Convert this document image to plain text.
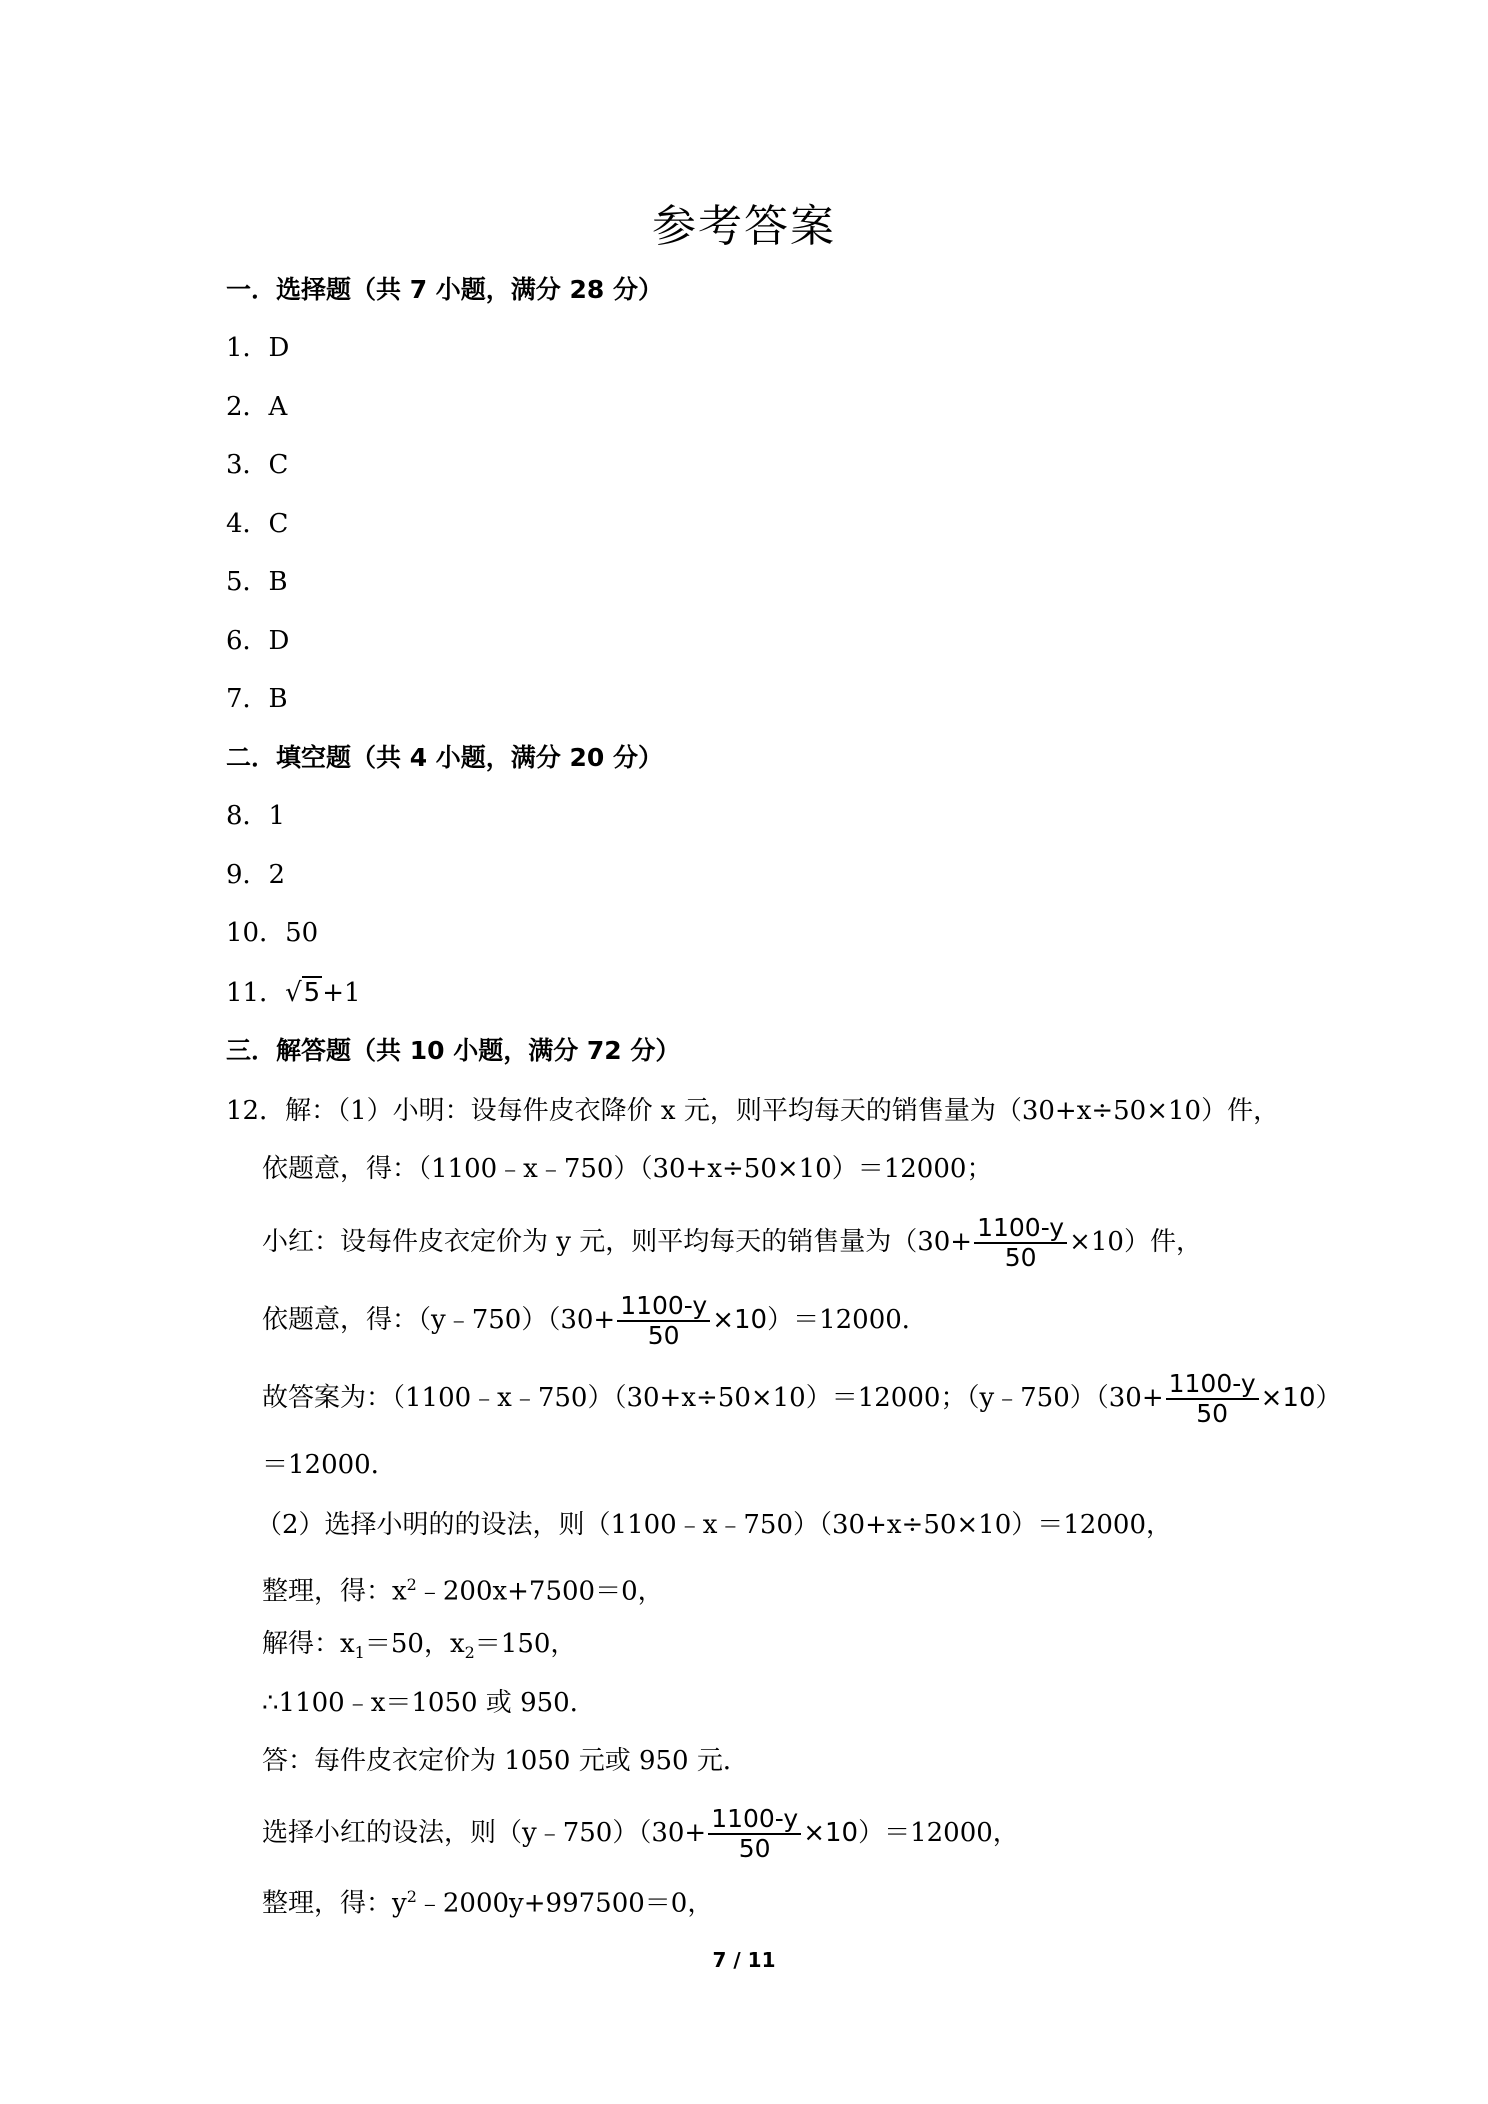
参考答案
一．选择题（共 7 小题，满分 28 分）
1．D
2．A
3．C
4．C
5．B
6．D
7．B
二．填空题（共 4 小题，满分 20 分）
8．1
9．2
10．50
11．√5+1
三．解答题（共 10 小题，满分 72 分）
12．解：（1）小明：设每件皮衣降价 x 元，则平均每天的销售量为（30+x÷50×10）件，
依题意，得：（1100﹣x﹣750）（30+x÷50×10）＝12000；
小红：设每件皮衣定价为 y 元，则平均每天的销售量为$(30+ \frac{1100-y}{50} \times 10)$件，
依题意，得：（y﹣750）（30+ $\frac{1100-y}{50} \times 10)=12000$．
故答案为：（1100﹣x﹣750）（30+x÷50×10）＝12000；（y﹣750）（30+ $\frac{1100-y}{50} \times 10$）
＝12000．
（2）选择小明的的设法，则（1100﹣x﹣750）（30+x÷50×10）＝12000，
整理，得：$x^2﹣200x+7500=0$，
解得：$x_1=50$，$x_2=150$，
∴1100﹣x＝1050 或 950．
答：每件皮衣定价为 1050 元或 950 元．
选择小红的设法，则（y﹣750）（30+ $\frac{1100-y}{50} \times 10)=12000$，
整理，得：$y^2﹣2000y+997500=0$，
7 / 11
